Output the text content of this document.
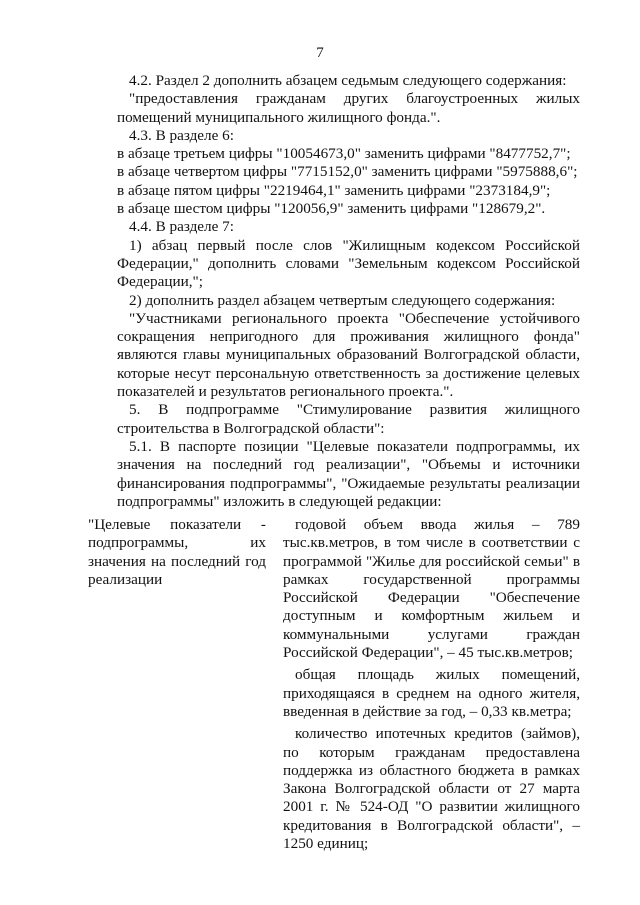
7

4.2. Раздел 2 дополнить абзацем седьмым следующего содержания:

"предоставления гражданам других благоустроенных жилых помещений муниципального жилищного фонда.".

4.3. В разделе 6:

в абзаце третьем цифры "10054673,0" заменить цифрами "8477752,7";

в абзаце четвертом цифры "7715152,0" заменить цифрами "5975888,6";

в абзаце пятом цифры "2219464,1" заменить цифрами "2373184,9";

в абзаце шестом цифры "120056,9" заменить цифрами "128679,2".

4.4. В разделе 7:

1) абзац первый после слов "Жилищным кодексом Российской Федерации," дополнить словами "Земельным кодексом Российской Федерации,";

2) дополнить раздел абзацем четвертым следующего содержания:

"Участниками регионального проекта "Обеспечение устойчивого сокращения непригодного для проживания жилищного фонда" являются главы муниципальных образований Волгоградской области, которые несут персональную ответственность за достижение целевых показателей и результатов регионального проекта.".

5. В подпрограмме "Стимулирование развития жилищного строительства в Волгоградской области":

5.1. В паспорте позиции "Целевые показатели подпрограммы, их значения на последний год реализации", "Объемы и источники финансирования подпрограммы", "Ожидаемые результаты реализации подпрограммы" изложить в следующей редакции:

"Целевые показатели - подпрограммы, их значения на последний год реализации

годовой объем ввода жилья – 789 тыс.кв.метров, в том числе в соответствии с программой "Жилье для российской семьи" в рамках государственной программы Российской Федерации "Обеспечение доступным и комфортным жильем и коммунальными услугами граждан Российской Федерации", – 45 тыс.кв.метров;

общая площадь жилых помещений, приходящаяся в среднем на одного жителя, введенная в действие за год, – 0,33 кв.метра;

количество ипотечных кредитов (займов), по которым гражданам предоставлена поддержка из областного бюджета в рамках Закона Волгоградской области от 27 марта 2001 г. № 524-ОД "О развитии жилищного кредитования в Волгоградской области", – 1250 единиц;
